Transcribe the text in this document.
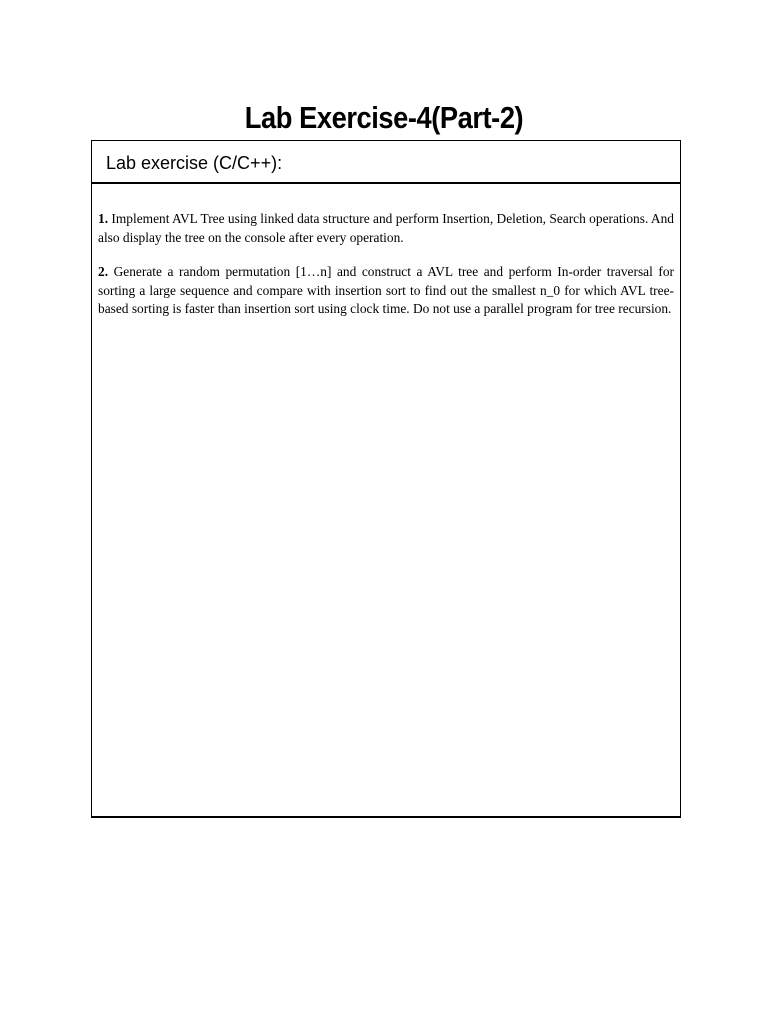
Lab Exercise-4(Part-2)
Lab exercise (C/C++):

1. Implement AVL Tree using linked data structure and perform Insertion, Deletion, Search operations. And also display the tree on the console after every operation.

2. Generate a random permutation [1…n] and construct a AVL tree and perform In-order traversal for sorting a large sequence and compare with insertion sort to find out the smallest n_0 for which AVL tree-based sorting is faster than insertion sort using clock time. Do not use a parallel program for tree recursion.
